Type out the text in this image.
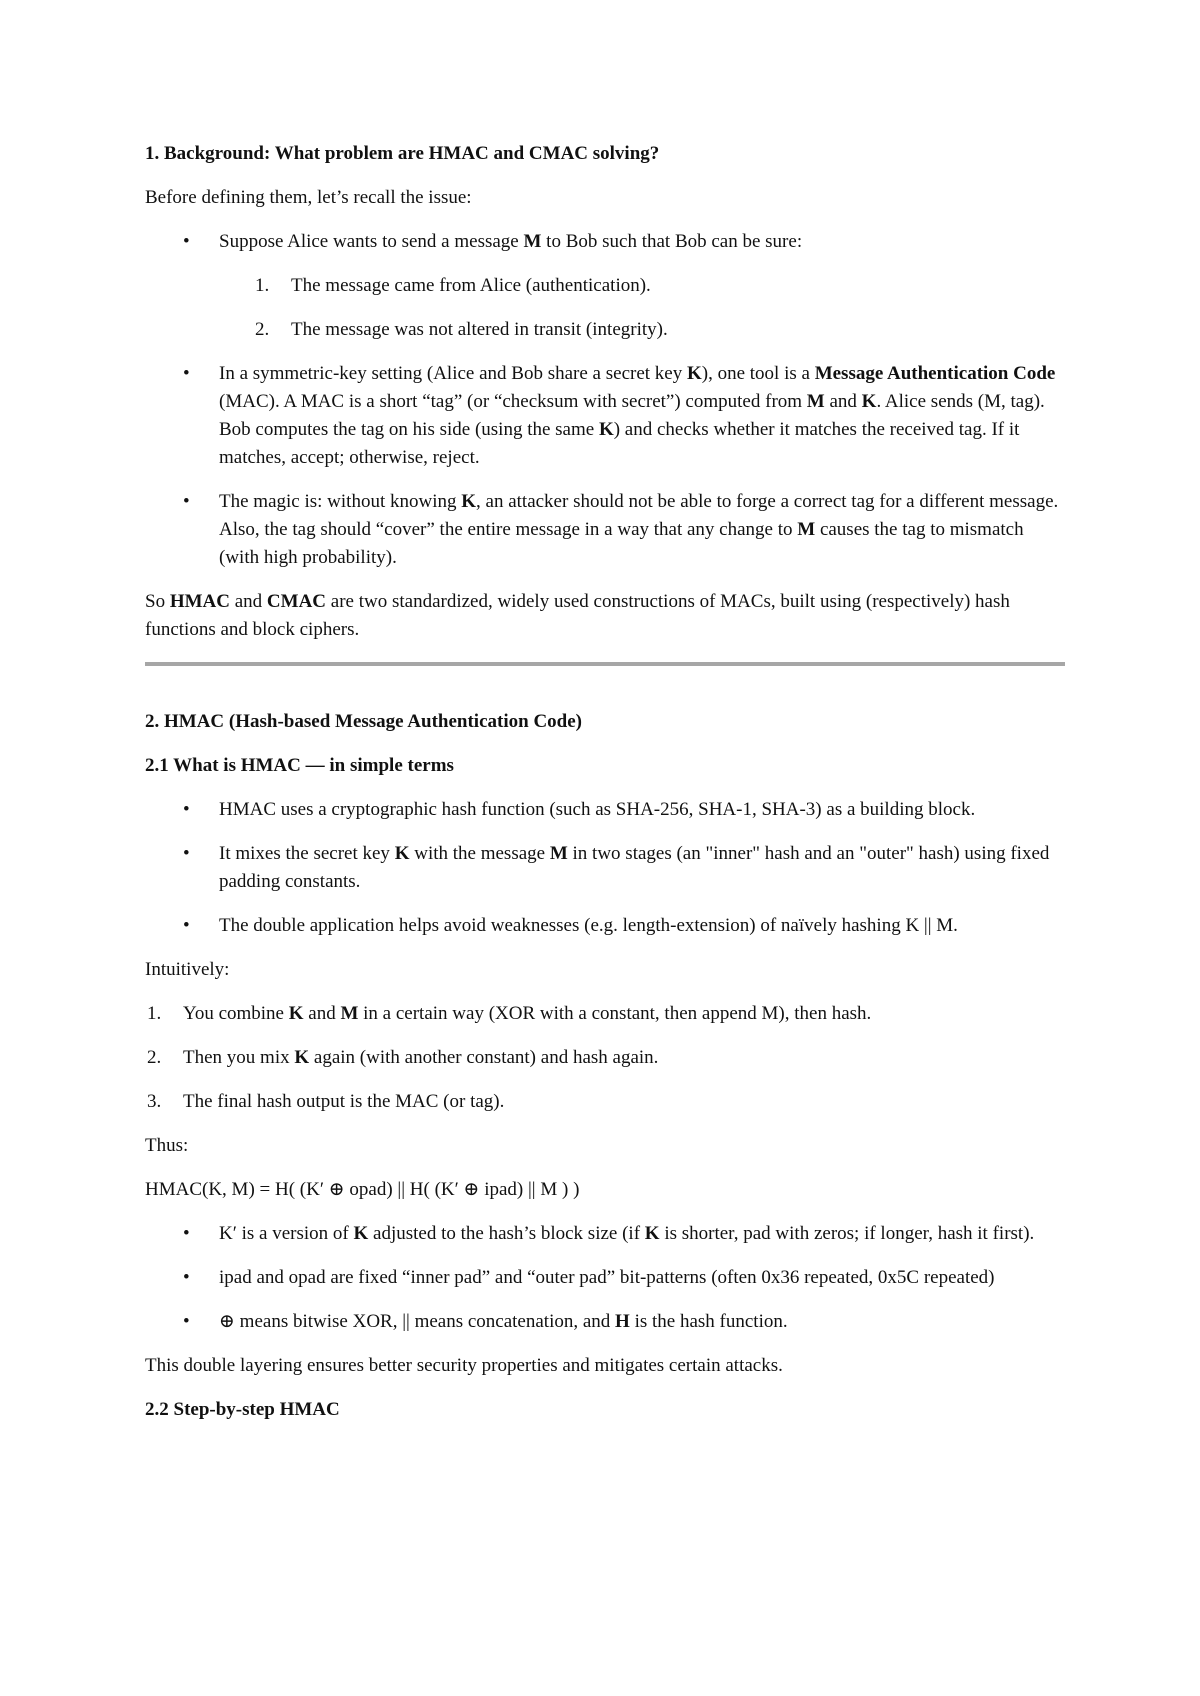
1. Background: What problem are HMAC and CMAC solving?

Before defining them, let’s recall the issue:

• Suppose Alice wants to send a message M to Bob such that Bob can be sure:
1. The message came from Alice (authentication).
2. The message was not altered in transit (integrity).
• In a symmetric-key setting (Alice and Bob share a secret key K), one tool is a Message Authentication Code (MAC). A MAC is a short “tag” (or “checksum with secret”) computed from M and K. Alice sends (M, tag). Bob computes the tag on his side (using the same K) and checks whether it matches the received tag. If it matches, accept; otherwise, reject.
• The magic is: without knowing K, an attacker should not be able to forge a correct tag for a different message. Also, the tag should “cover” the entire message in a way that any change to M causes the tag to mismatch (with high probability).

So HMAC and CMAC are two standardized, widely used constructions of MACs, built using (respectively) hash functions and block ciphers.

2. HMAC (Hash-based Message Authentication Code)
2.1 What is HMAC — in simple terms
• HMAC uses a cryptographic hash function (such as SHA-256, SHA-1, SHA-3) as a building block.
• It mixes the secret key K with the message M in two stages (an "inner" hash and an "outer" hash) using fixed padding constants.
• The double application helps avoid weaknesses (e.g. length-extension) of naïvely hashing K || M.

Intuitively:

1. You combine K and M in a certain way (XOR with a constant, then append M), then hash.
2. Then you mix K again (with another constant) and hash again.
3. The final hash output is the MAC (or tag).

Thus:

HMAC(K, M) = H( (K′ ⊕ opad) || H( (K′ ⊕ ipad) || M ) )

• K′ is a version of K adjusted to the hash’s block size (if K is shorter, pad with zeros; if longer, hash it first).
• ipad and opad are fixed “inner pad” and “outer pad” bit-patterns (often 0x36 repeated, 0x5C repeated)
• ⊕ means bitwise XOR, || means concatenation, and H is the hash function.

This double layering ensures better security properties and mitigates certain attacks.

2.2 Step-by-step HMAC
